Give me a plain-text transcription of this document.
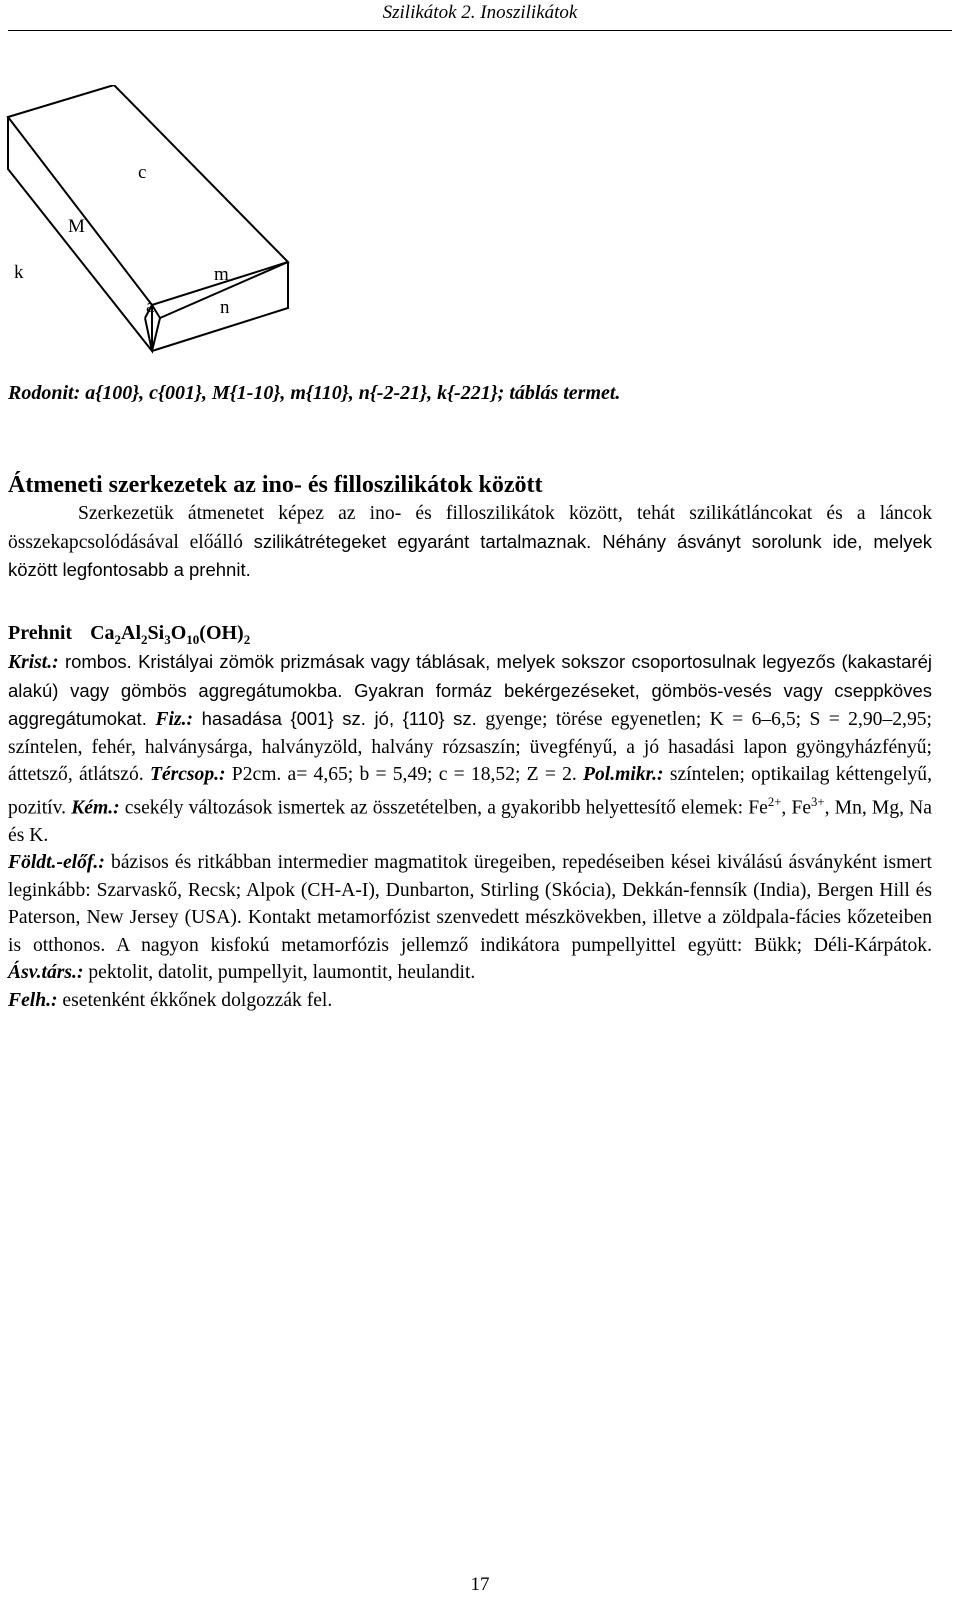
Szilikátok 2. Inoszilikátok
c
M
k	m
a	n
Rodonit: a{100}, c{001}, M{1-10}, m{110}, n{-2-21}, k{-221}; táblás termet.
Átmeneti szerkezetek az ino- és filloszilikátok között
Szerkezetük átmenetet képez az ino- és filloszilikátok között, tehát szilikátláncokat és a láncok összekapcsolódásával előálló szilikátrétegeket egyaránt tartalmaznak. Néhány ásványt sorolunk ide, melyek között legfontosabb a prehnit.
Prehnit $Ca_2Al_2Si_3O_{10}(OH)_2$
Krist.: rombos. Kristályai zömök prizmásak vagy táblásak, melyek sokszor csoportosulnak legyezős (kakastaréj alakú) vagy gömbös aggregátumokba. Gyakran formáz bekérgezéseket, gömbös-vesés vagy cseppköves aggregátumokat. Fiz.: hasadása {001} sz. jó, {110} sz. gyenge; törése egyenetlen; K = 6–6,5; S = 2,90–2,95; színtelen, fehér, halványsárga, halványzöld, halvány rózsaszín; üvegfényű, a jó hasadási lapon gyöngyházfényű; áttetsző, átlátszó. Tércsop.: P2cm. a= 4,65; b = 5,49; c = 18,52; Z = 2. Pol.mikr.: színtelen; optikailag kéttengelyű, pozitív. Kém.: csekély változások ismertek az összetételben, a gyakoribb helyettesítő elemek: $Fe^{2+}$, $Fe^{3+}$, Mn, Mg, Na és K.
Földt.-előf.: bázisos és ritkábban intermedier magmatitok üregeiben, repedéseiben kései kiválású ásványként ismert leginkább: Szarvaskő, Recsk; Alpok (CH-A-I), Dunbarton, Stirling (Skócia), Dekkán-fennsík (India), Bergen Hill és Paterson, New Jersey (USA). Kontakt metamorfózist szenvedett mészkövekben, illetve a zöldpala-fácies kőzeteiben is otthonos. A nagyon kisfokú metamorfózis jellemző indikátora pumpellyittel együtt: Bükk; Déli-Kárpátok. Ásv.társ.: pektolit, datolit, pumpellyit, laumontit, heulandit.
Felh.: esetenként ékkőnek dolgozzák fel.
17
